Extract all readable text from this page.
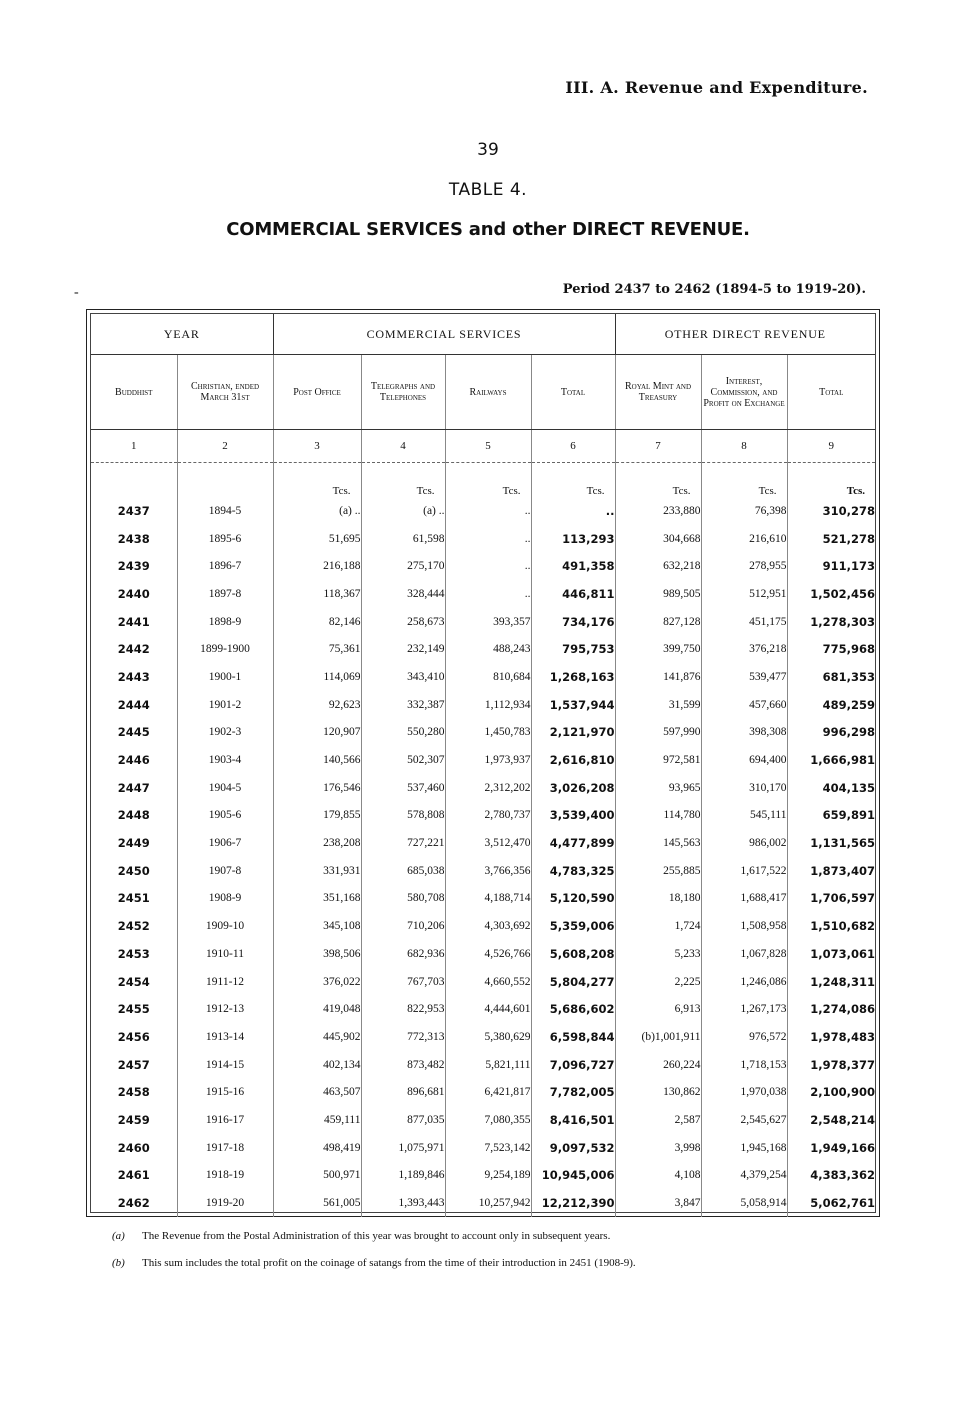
III. A. Revenue and Expenditure.
39
TABLE 4.
COMMERCIAL SERVICES and other DIRECT REVENUE.
-	Period 2437 to 2462 (1894-5 to 1919-20).
YEAR		COMMERCIAL SERVICES				OTHER DIRECT REVENUE		
Buddhist	Christian, ended March 31st	Post Office	Telegraphs and Telephones	Railways	Total	Royal Mint and Treasury	Interest, Commission, and Profit on Exchange	Total
1	2	3	4	5	6	7	8	9
		Tcs.	Tcs.	Tcs.	Tcs.	Tcs.	Tcs.	Tcs.
2437	1894-5	(a) ..	(a) ..	..	..	233,880	76,398	310,278
2438	1895-6	51,695	61,598	..	113,293	304,668	216,610	521,278
2439	1896-7	216,188	275,170	..	491,358	632,218	278,955	911,173
2440	1897-8	118,367	328,444	..	446,811	989,505	512,951	1,502,456
2441	1898-9	82,146	258,673	393,357	734,176	827,128	451,175	1,278,303
2442	1899-1900	75,361	232,149	488,243	795,753	399,750	376,218	775,968
2443	1900-1	114,069	343,410	810,684	1,268,163	141,876	539,477	681,353
2444	1901-2	92,623	332,387	1,112,934	1,537,944	31,599	457,660	489,259
2445	1902-3	120,907	550,280	1,450,783	2,121,970	597,990	398,308	996,298
2446	1903-4	140,566	502,307	1,973,937	2,616,810	972,581	694,400	1,666,981
2447	1904-5	176,546	537,460	2,312,202	3,026,208	93,965	310,170	404,135
2448	1905-6	179,855	578,808	2,780,737	3,539,400	114,780	545,111	659,891
2449	1906-7	238,208	727,221	3,512,470	4,477,899	145,563	986,002	1,131,565
2450	1907-8	331,931	685,038	3,766,356	4,783,325	255,885	1,617,522	1,873,407
2451	1908-9	351,168	580,708	4,188,714	5,120,590	18,180	1,688,417	1,706,597
2452	1909-10	345,108	710,206	4,303,692	5,359,006	1,724	1,508,958	1,510,682
2453	1910-11	398,506	682,936	4,526,766	5,608,208	5,233	1,067,828	1,073,061
2454	1911-12	376,022	767,703	4,660,552	5,804,277	2,225	1,246,086	1,248,311
2455	1912-13	419,048	822,953	4,444,601	5,686,602	6,913	1,267,173	1,274,086
2456	1913-14	445,902	772,313	5,380,629	6,598,844	(b)1,001,911	976,572	1,978,483
2457	1914-15	402,134	873,482	5,821,111	7,096,727	260,224	1,718,153	1,978,377
2458	1915-16	463,507	896,681	6,421,817	7,782,005	130,862	1,970,038	2,100,900
2459	1916-17	459,111	877,035	7,080,355	8,416,501	2,587	2,545,627	2,548,214
2460	1917-18	498,419	1,075,971	7,523,142	9,097,532	3,998	1,945,168	1,949,166
2461	1918-19	500,971	1,189,846	9,254,189	10,945,006	4,108	4,379,254	4,383,362
2462	1919-20	561,005	1,393,443	10,257,942	12,212,390	3,847	5,058,914	5,062,761
(a) The Revenue from the Postal Administration of this year was brought to account only in subsequent years.
(b) This sum includes the total profit on the coinage of satangs from the time of their introduction in 2451 (1908-9).
